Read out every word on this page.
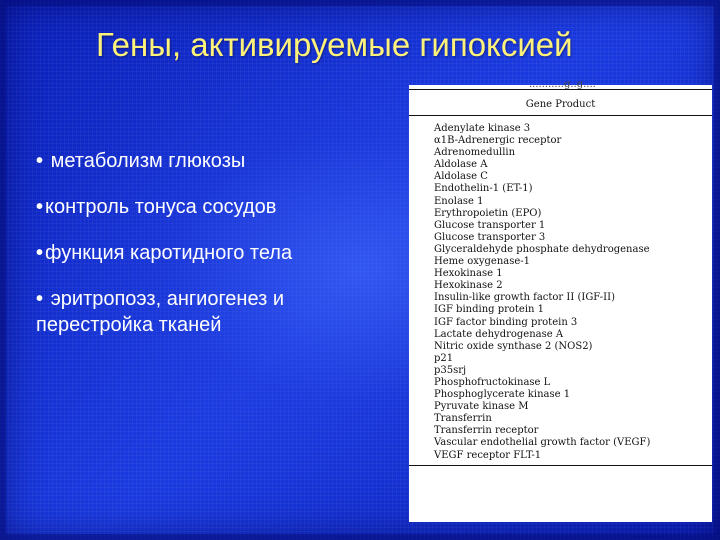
Гены, активируемые гипоксией
• метаболизм глюкозы
• контроль тонуса сосудов
• функция каротидного тела
• эритропоэз, ангиогенез и перестройка тканей
...........g..g....
Gene Product
Adenylate kinase 3
α1B-Adrenergic receptor
Adrenomedullin
Aldolase A
Aldolase C
Endothelin-1 (ET-1)
Enolase 1
Erythropoietin (EPO)
Glucose transporter 1
Glucose transporter 3
Glyceraldehyde phosphate dehydrogenase
Heme oxygenase-1
Hexokinase 1
Hexokinase 2
Insulin-like growth factor II (IGF-II)
IGF binding protein 1
IGF factor binding protein 3
Lactate dehydrogenase A
Nitric oxide synthase 2 (NOS2)
p21
p35srj
Phosphofructokinase L
Phosphoglycerate kinase 1
Pyruvate kinase M
Transferrin
Transferrin receptor
Vascular endothelial growth factor (VEGF)
VEGF receptor FLT-1
